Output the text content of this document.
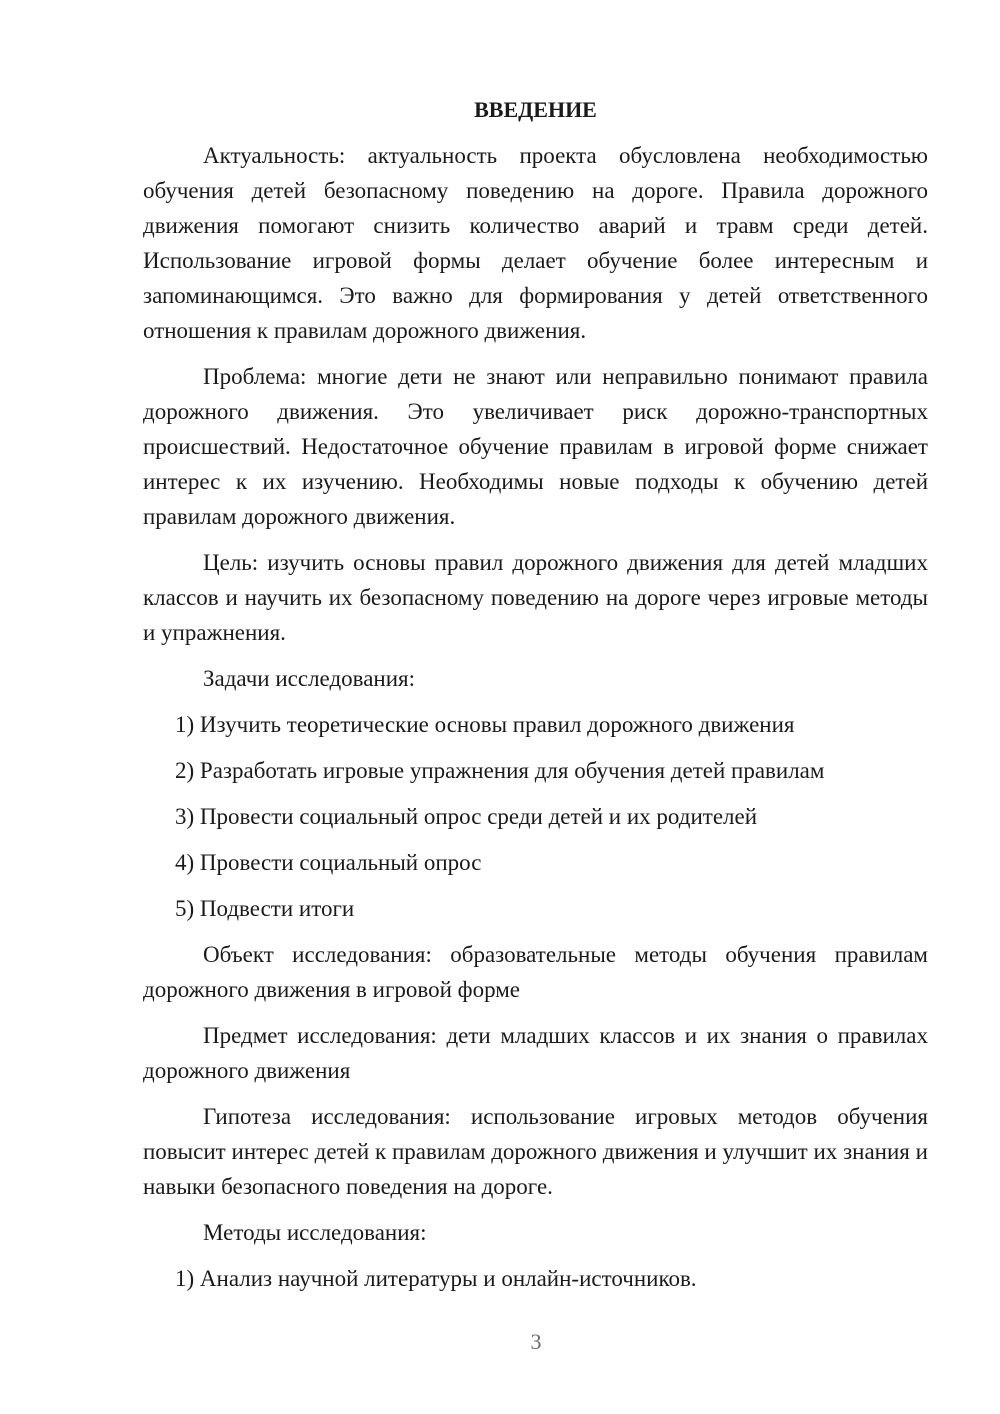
ВВЕДЕНИЕ

Актуальность: актуальность проекта обусловлена необходимостью обучения детей безопасному поведению на дороге. Правила дорожного движения помогают снизить количество аварий и травм среди детей. Использование игровой формы делает обучение более интересным и запоминающимся. Это важно для формирования у детей ответственного отношения к правилам дорожного движения.

Проблема: многие дети не знают или неправильно понимают правила дорожного движения. Это увеличивает риск дорожно-транспортных происшествий. Недостаточное обучение правилам в игровой форме снижает интерес к их изучению. Необходимы новые подходы к обучению детей правилам дорожного движения.

Цель: изучить основы правил дорожного движения для детей младших классов и научить их безопасному поведению на дороге через игровые методы и упражнения.

Задачи исследования:

1) Изучить теоретические основы правил дорожного движения

2) Разработать игровые упражнения для обучения детей правилам

3) Провести социальный опрос среди детей и их родителей

4) Провести социальный опрос

5) Подвести итоги

Объект исследования: образовательные методы обучения правилам дорожного движения в игровой форме

Предмет исследования: дети младших классов и их знания о правилах дорожного движения

Гипотеза исследования: использование игровых методов обучения повысит интерес детей к правилам дорожного движения и улучшит их знания и навыки безопасного поведения на дороге.

Методы исследования:

1) Анализ научной литературы и онлайн-источников.

3
